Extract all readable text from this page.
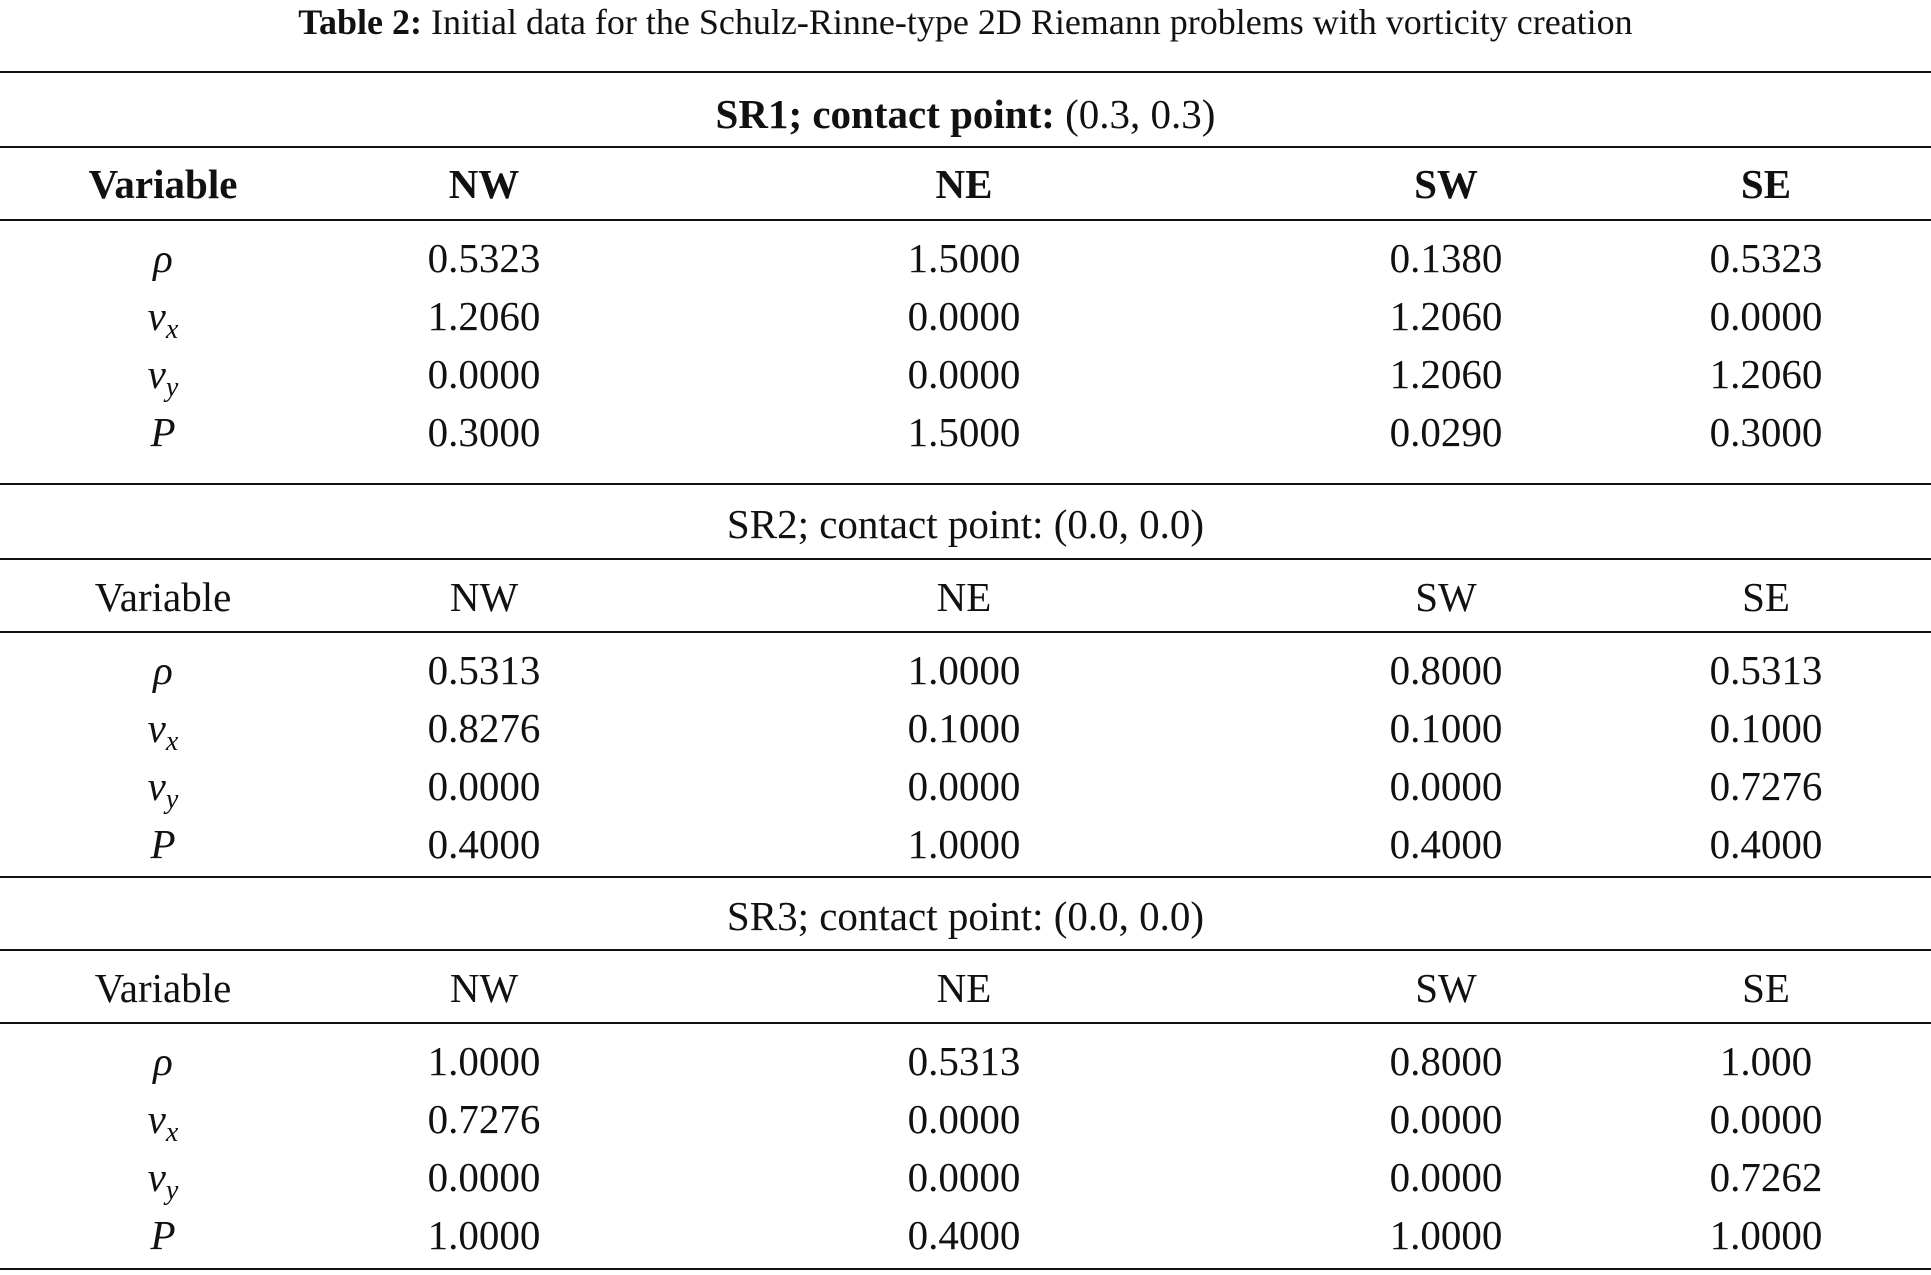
Table 2: Initial data for the Schulz-Rinne-type 2D Riemann problems with vorticity creation
SR1; contact point: (0.3, 0.3)
Variable	NW	NE	SW	SE
ρ	0.5323	1.5000	0.1380	0.5323
$v_x$	1.2060	0.0000	1.2060	0.0000
$v_y$	0.0000	0.0000	1.2060	1.2060
P	0.3000	1.5000	0.0290	0.3000
SR2; contact point: (0.0, 0.0)
Variable	NW	NE	SW	SE
ρ	0.5313	1.0000	0.8000	0.5313
$v_x$	0.8276	0.1000	0.1000	0.1000
$v_y$	0.0000	0.0000	0.0000	0.7276
P	0.4000	1.0000	0.4000	0.4000
SR3; contact point: (0.0, 0.0)
Variable	NW	NE	SW	SE
ρ	1.0000	0.5313	0.8000	1.000
$v_x$	0.7276	0.0000	0.0000	0.0000
$v_y$	0.0000	0.0000	0.0000	0.7262
P	1.0000	0.4000	1.0000	1.0000
